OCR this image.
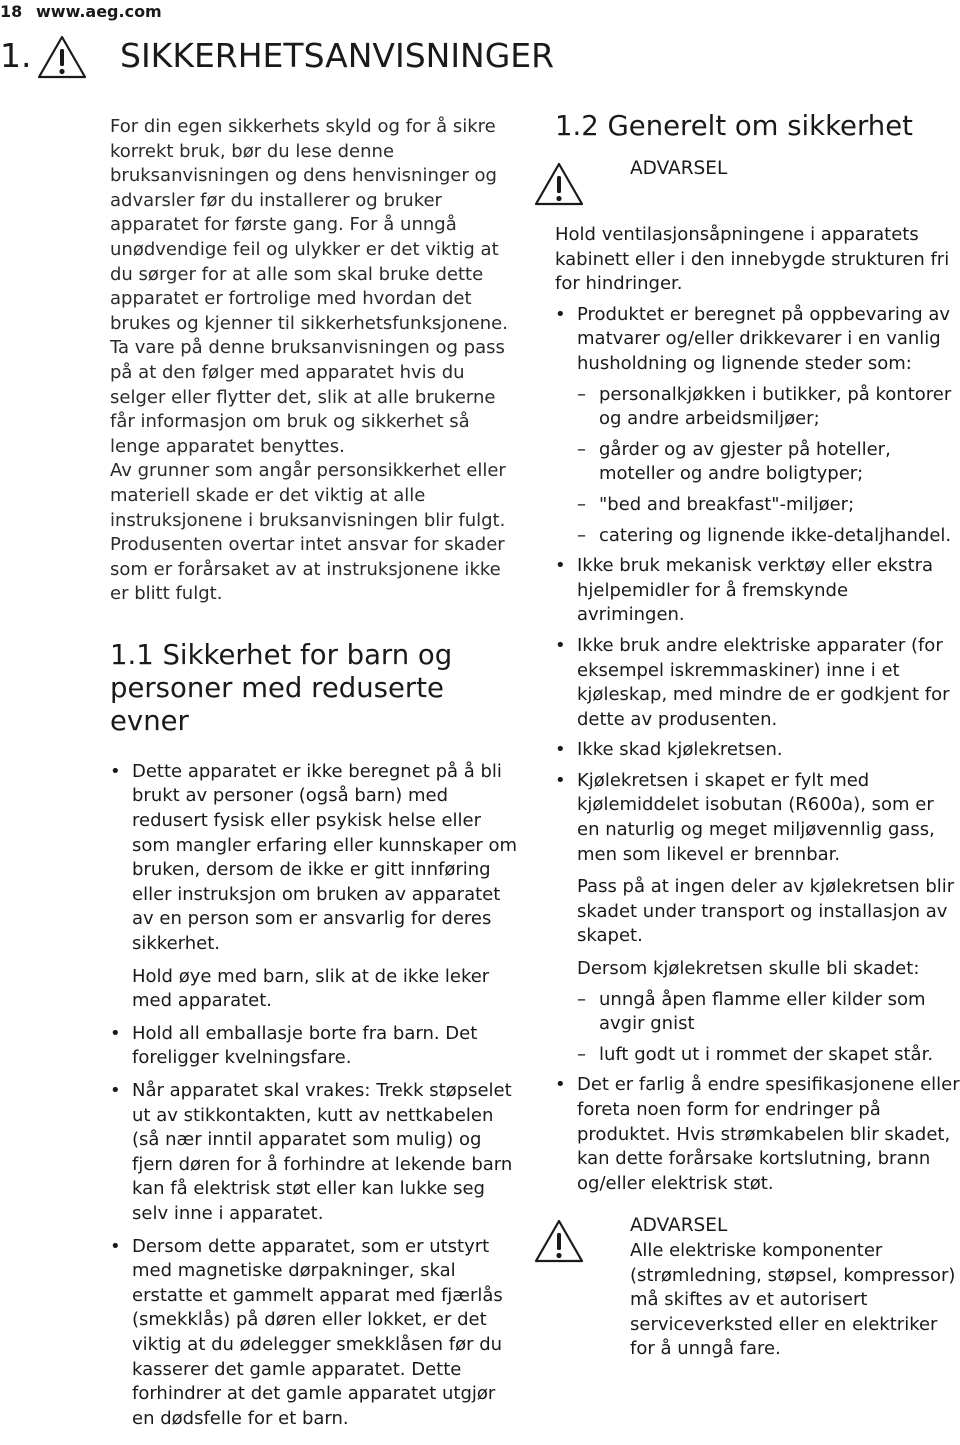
18 www.aeg.com
1.	SIKKERHETSANVISNINGER

For din egen sikkerhets skyld og for å sikre korrekt bruk, bør du lese denne bruksanvisningen og dens henvisninger og advarsler før du installerer og bruker apparatet for første gang. For å unngå unødvendige feil og ulykker er det viktig at du sørger for at alle som skal bruke dette apparatet er fortrolige med hvordan det brukes og kjenner til sikkerhetsfunksjonene. Ta vare på denne bruksanvisningen og pass på at den følger med apparatet hvis du selger eller flytter det, slik at alle brukerne får informasjon om bruk og sikkerhet så lenge apparatet benyttes.

Av grunner som angår personsikkerhet eller materiell skade er det viktig at alle instruksjonene i bruksanvisningen blir fulgt. Produsenten overtar intet ansvar for skader som er forårsaket av at instruksjonene ikke er blitt fulgt.

1.1 Sikkerhet for barn og personer med reduserte evner
• Dette apparatet er ikke beregnet på å bli brukt av personer (også barn) med redusert fysisk eller psykisk helse eller som mangler erfaring eller kunnskaper om bruken, dersom de ikke er gitt innføring eller instruksjon om bruken av apparatet av en person som er ansvarlig for deres sikkerhet.
Hold øye med barn, slik at de ikke leker med apparatet.
• Hold all emballasje borte fra barn. Det foreligger kvelningsfare.
• Når apparatet skal vrakes: Trekk støpselet ut av stikkontakten, kutt av nettkabelen (så nær inntil apparatet som mulig) og fjern døren for å forhindre at lekende barn kan få elektrisk støt eller kan lukke seg selv inne i apparatet.
• Dersom dette apparatet, som er utstyrt med magnetiske dørpakninger, skal erstatte et gammelt apparat med fjærlås (smekklås) på døren eller lokket, er det viktig at du ødelegger smekklåsen før du kasserer det gamle apparatet. Dette forhindrer at det gamle apparatet utgjør en dødsfelle for et barn.
1.2 Generelt om sikkerhet

ADVARSEL

Hold ventilasjonsåpningene i apparatets kabinett eller i den innebygde strukturen fri for hindringer.

• Produktet er beregnet på oppbevaring av matvarer og/eller drikkevarer i en vanlig husholdning og lignende steder som:
– personalkjøkken i butikker, på kontorer og andre arbeidsmiljøer;
– gårder og av gjester på hoteller, moteller og andre boligtyper;
– "bed and breakfast"-miljøer;
– catering og lignende ikke-detaljhandel.
• Ikke bruk mekanisk verktøy eller ekstra hjelpemidler for å fremskynde avrimingen.
• Ikke bruk andre elektriske apparater (for eksempel iskremmaskiner) inne i et kjøleskap, med mindre de er godkjent for dette av produsenten.
• Ikke skad kjølekretsen.
• Kjølekretsen i skapet er fylt med kjølemiddelet isobutan (R600a), som er en naturlig og meget miljøvennlig gass, men som likevel er brennbar.
Pass på at ingen deler av kjølekretsen blir skadet under transport og installasjon av skapet.
Dersom kjølekretsen skulle bli skadet:
– unngå åpen flamme eller kilder som avgir gnist
– luft godt ut i rommet der skapet står.
• Det er farlig å endre spesifikasjonene eller foreta noen form for endringer på produktet. Hvis strømkabelen blir skadet, kan dette forårsake kortslutning, brann og/eller elektrisk støt.

ADVARSEL

Alle elektriske komponenter (strømledning, støpsel, kompressor) må skiftes av et autorisert serviceverksted eller en elektriker for å unngå fare.
